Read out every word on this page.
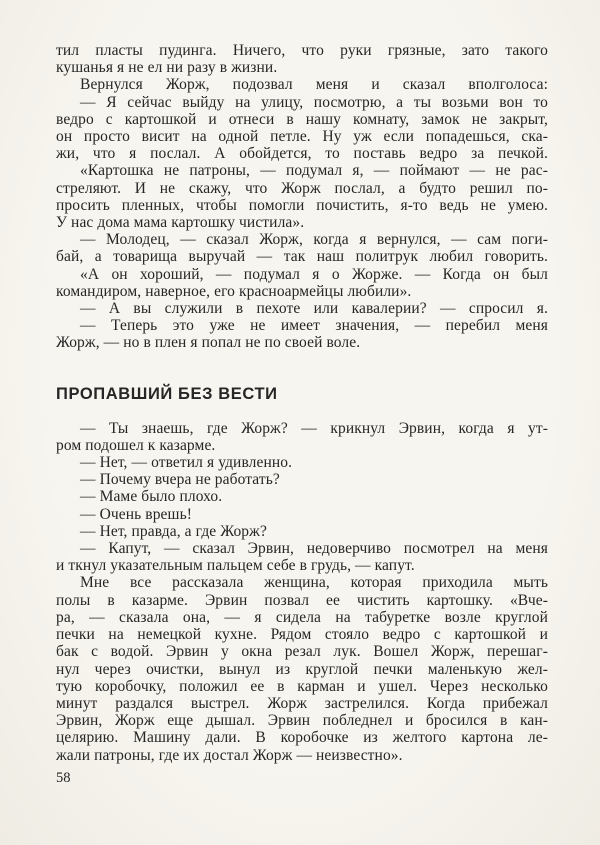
тил пласты пудинга. Ничего, что руки грязные, зато такого
кушанья я не ел ни разу в жизни.

Вернулся Жорж, подозвал меня и сказал вполголоса:

— Я сейчас выйду на улицу, посмотрю, а ты возьми вон то
ведро с картошкой и отнеси в нашу комнату, замок не закрыт,
он просто висит на одной петле. Ну уж если попадешься, ска-
жи, что я послал. А обойдется, то поставь ведро за печкой.

«Картошка не патроны, — подумал я, — поймают — не рас-
стреляют. И не скажу, что Жорж послал, а будто решил по-
просить пленных, чтобы помогли почистить, я-то ведь не умею.
У нас дома мама картошку чистила».

— Молодец, — сказал Жорж, когда я вернулся, — сам поги-
бай, а товарища выручай — так наш политрук любил говорить.

«А он хороший, — подумал я о Жорже. — Когда он был
командиром, наверное, его красноармейцы любили».

— А вы служили в пехоте или кавалерии? — спросил я.

— Теперь это уже не имеет значения, — перебил меня
Жорж, — но в плен я попал не по своей воле.

ПРОПАВШИЙ БЕЗ ВЕСТИ

— Ты знаешь, где Жорж? — крикнул Эрвин, когда я ут-
ром подошел к казарме.

— Нет, — ответил я удивленно.

— Почему вчера не работать?

— Маме было плохо.

— Очень врешь!

— Нет, правда, а где Жорж?

— Капут, — сказал Эрвин, недоверчиво посмотрел на меня
и ткнул указательным пальцем себе в грудь, — капут.

Мне все рассказала женщина, которая приходила мыть
полы в казарме. Эрвин позвал ее чистить картошку. «Вче-
ра, — сказала она, — я сидела на табуретке возле круглой
печки на немецкой кухне. Рядом стояло ведро с картошкой и
бак с водой. Эрвин у окна резал лук. Вошел Жорж, перешаг-
нул через очистки, вынул из круглой печки маленькую жел-
тую коробочку, положил ее в карман и ушел. Через несколько
минут раздался выстрел. Жорж застрелился. Когда прибежал
Эрвин, Жорж еще дышал. Эрвин побледнел и бросился в кан-
целярию. Машину дали. В коробочке из желтого картона ле-
жали патроны, где их достал Жорж — неизвестно».

58
